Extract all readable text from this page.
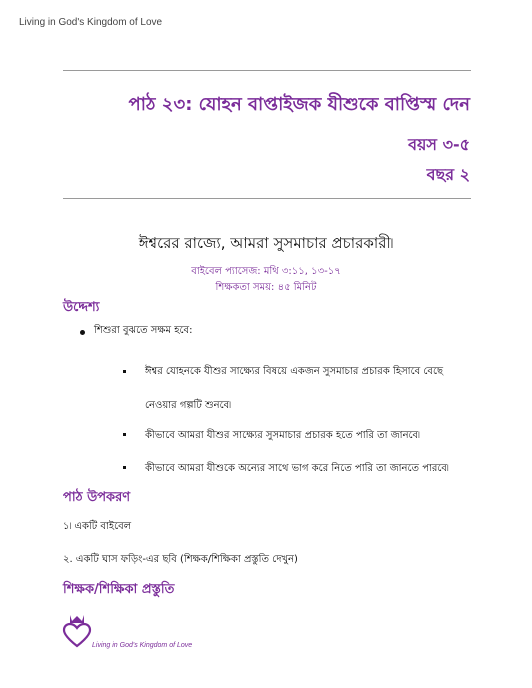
Living in God's Kingdom of Love
পাঠ ২৩: যোহন বাপ্তাইজক যীশুকে বাপ্তিস্ম দেন
বয়স ৩-৫
বছর ২
ঈশ্বরের রাজ্যে, আমরা সুসমাচার প্রচারকারী৷
বাইবেল প্যাসেজ: মথি ৩:১১, ১৩-১৭
শিক্ষকতা সময়: ৪৫ মিনিট
উদ্দেশ্য
শিশুরা বুঝতে সক্ষম হবে:
ঈশ্বর যোহনকে যীশুর সাক্ষ্যের বিষয়ে একজন সুসমাচার প্রচারক হিসাবে বেছে
নেওয়ার গল্পটি শুনবে৷
কীভাবে আমরা যীশুর সাক্ষ্যের সুসমাচার প্রচারক হতে পারি তা জানবে৷
কীভাবে আমরা যীশুকে অন্যের সাথে ভাগ করে নিতে পারি তা জানতে পারবে৷
পাঠ উপকরণ
১৷ একটি বাইবেল
২. একটি ঘাস ফড়িং-এর ছবি (শিক্ষক/শিক্ষিকা প্রস্তুতি দেখুন)
শিক্ষক/শিক্ষিকা প্রস্তুতি
Living in God's Kingdom of Love
